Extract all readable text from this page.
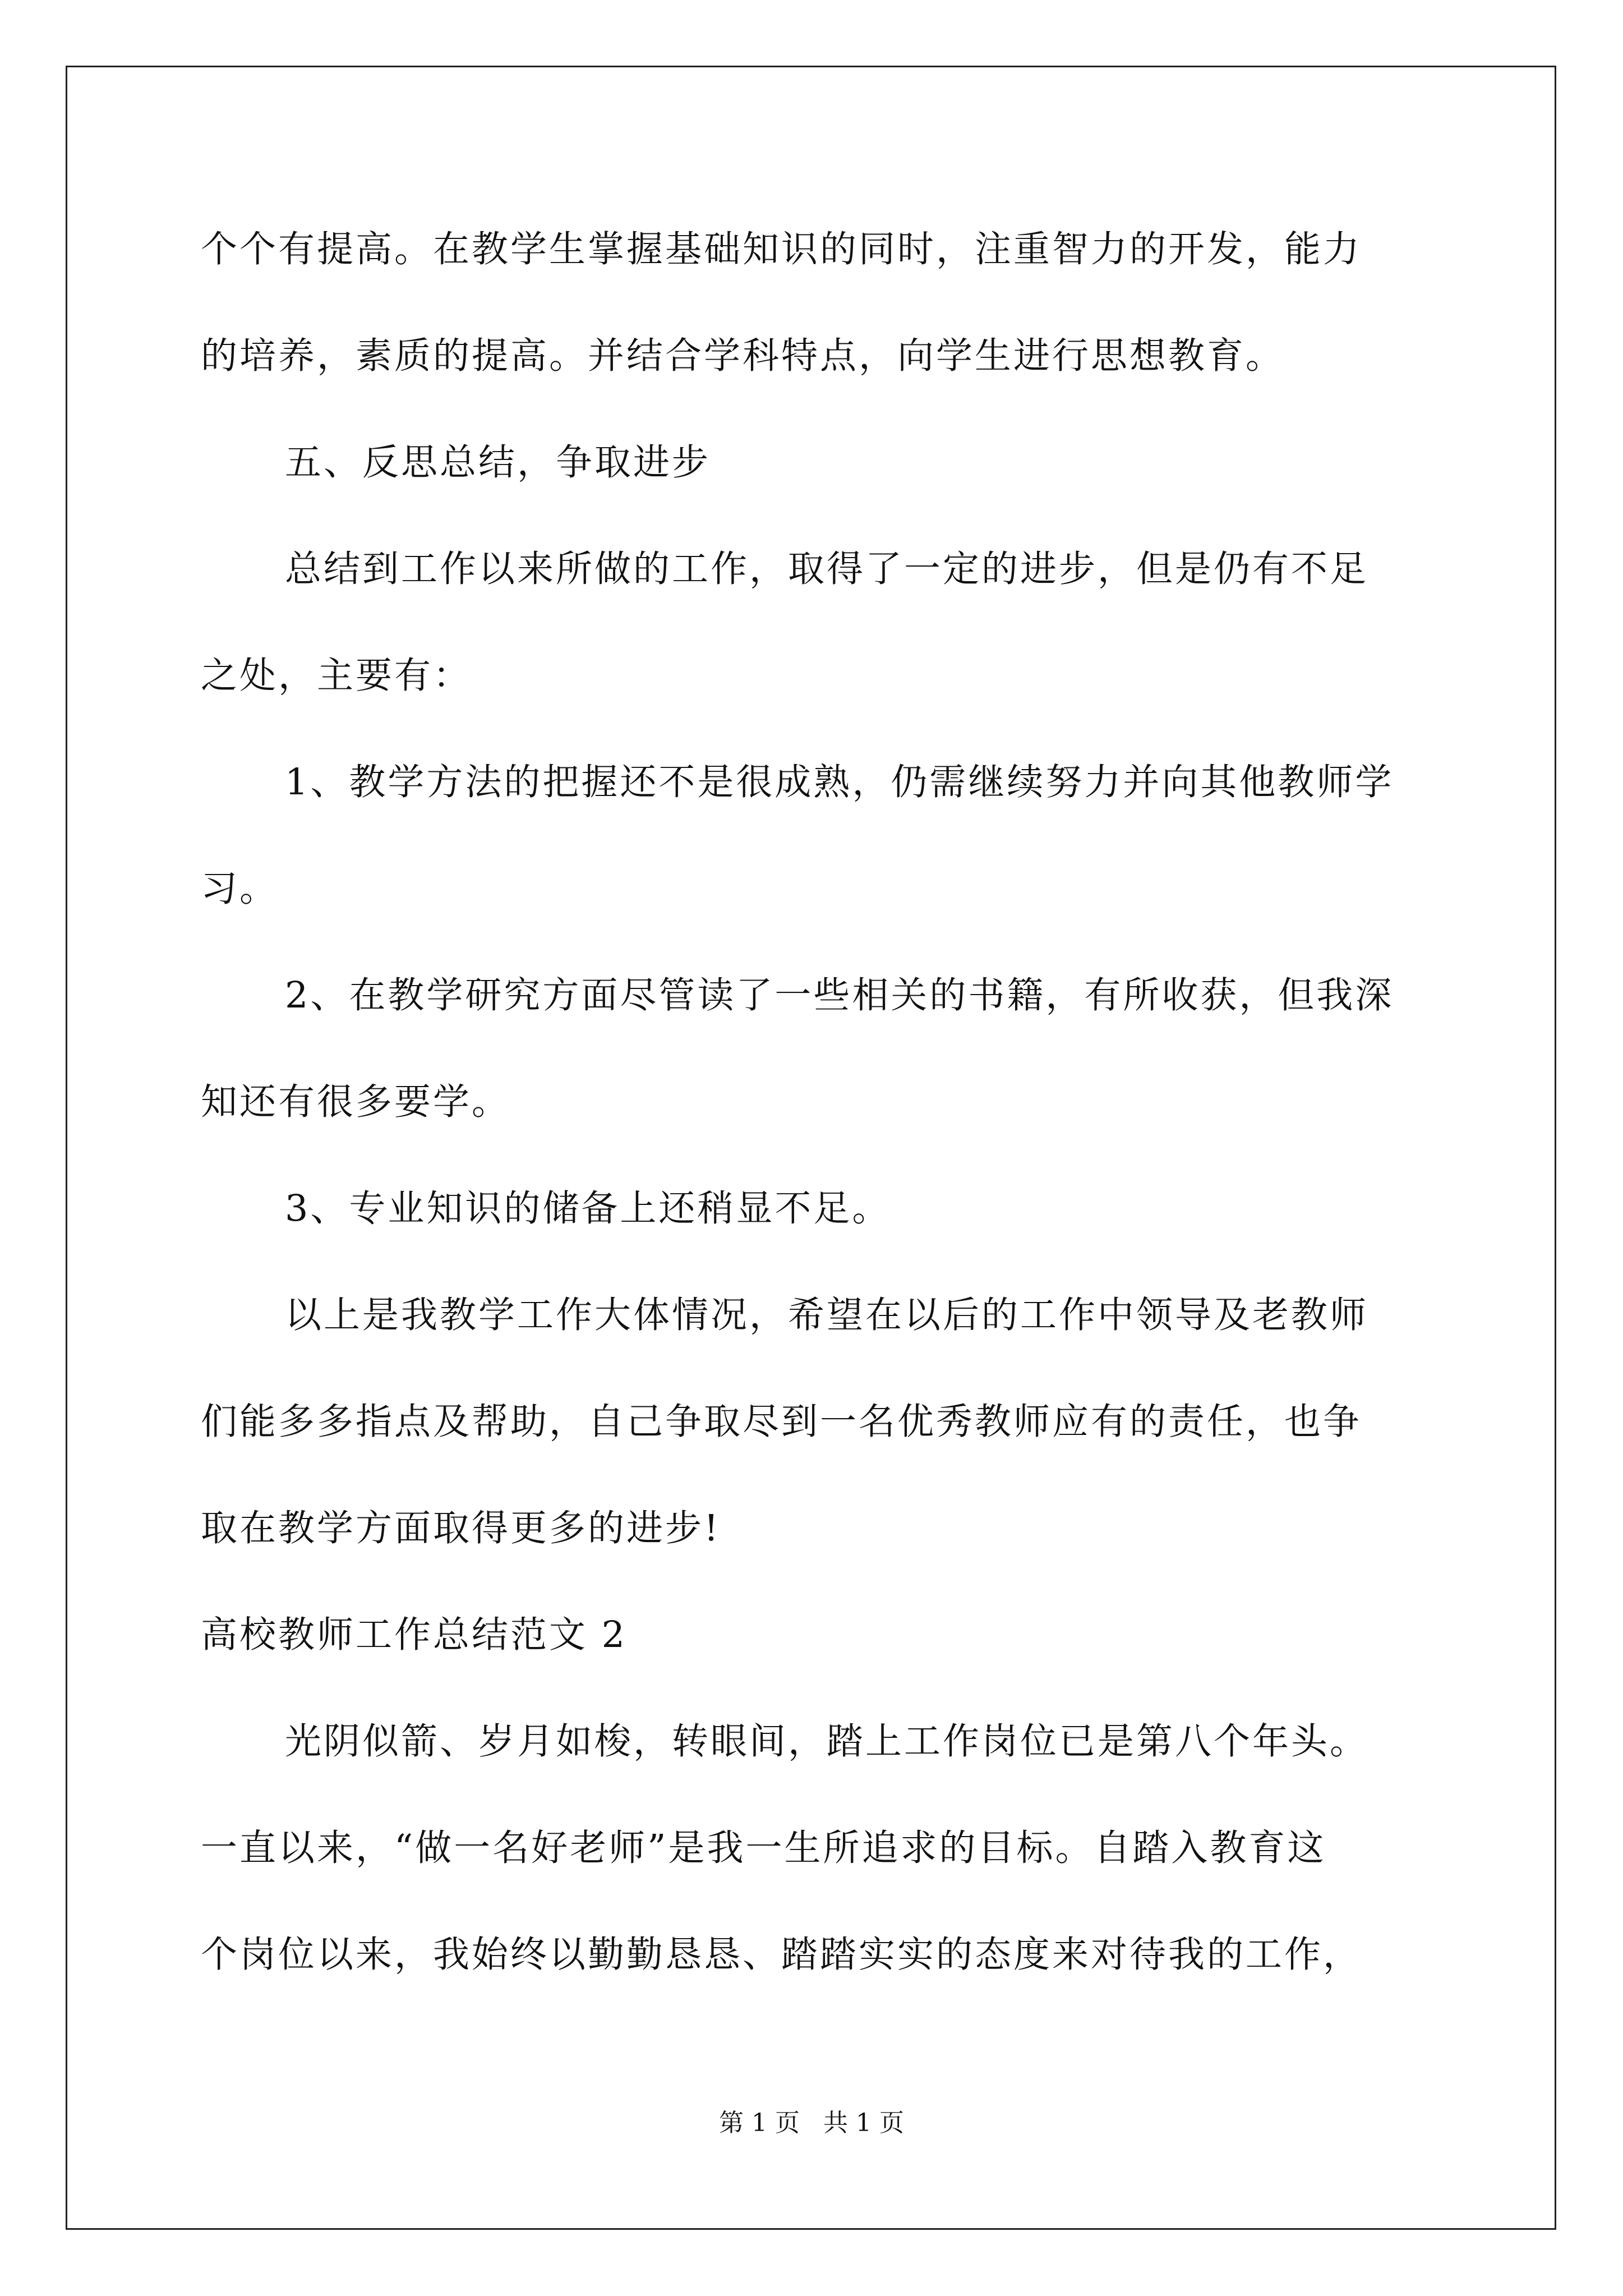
个个有提高。在教学生掌握基础知识的同时，注重智力的开发，能力
的培养，素质的提高。并结合学科特点，向学生进行思想教育。
五、反思总结，争取进步
总结到工作以来所做的工作，取得了一定的进步，但是仍有不足
之处，主要有：
1、教学方法的把握还不是很成熟，仍需继续努力并向其他教师学
习。
2、在教学研究方面尽管读了一些相关的书籍，有所收获，但我深
知还有很多要学。
3、专业知识的储备上还稍显不足。
以上是我教学工作大体情况，希望在以后的工作中领导及老教师
们能多多指点及帮助，自己争取尽到一名优秀教师应有的责任，也争
取在教学方面取得更多的进步!
高校教师工作总结范文 2
光阴似箭、岁月如梭，转眼间，踏上工作岗位已是第八个年头。
一直以来，“做一名好老师”是我一生所追求的目标。自踏入教育这
个岗位以来，我始终以勤勤恳恳、踏踏实实的态度来对待我的工作，
第 1 页   共 1 页
